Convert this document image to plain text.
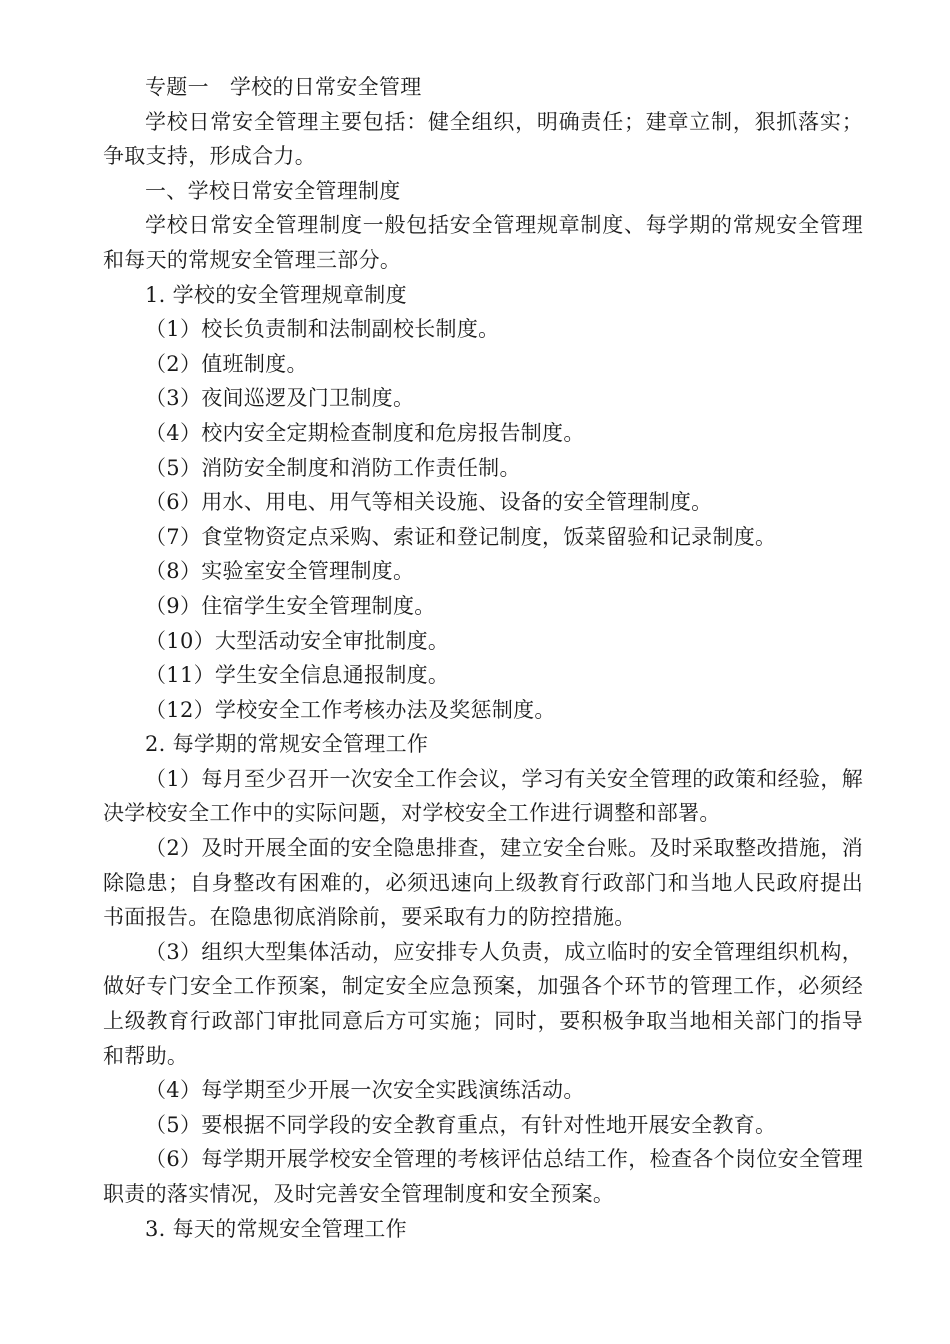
专题一   学校的日常安全管理

学校日常安全管理主要包括：健全组织，明确责任；建章立制，狠抓落实；争取支持，形成合力。

一、学校日常安全管理制度

学校日常安全管理制度一般包括安全管理规章制度、每学期的常规安全管理和每天的常规安全管理三部分。

1. 学校的安全管理规章制度

（1）校长负责制和法制副校长制度。

（2）值班制度。

（3）夜间巡逻及门卫制度。

（4）校内安全定期检查制度和危房报告制度。

（5）消防安全制度和消防工作责任制。

（6）用水、用电、用气等相关设施、设备的安全管理制度。

（7）食堂物资定点采购、索证和登记制度，饭菜留验和记录制度。

（8）实验室安全管理制度。

（9）住宿学生安全管理制度。

（10）大型活动安全审批制度。

（11）学生安全信息通报制度。

（12）学校安全工作考核办法及奖惩制度。

2. 每学期的常规安全管理工作

（1）每月至少召开一次安全工作会议，学习有关安全管理的政策和经验，解决学校安全工作中的实际问题，对学校安全工作进行调整和部署。

（2）及时开展全面的安全隐患排查，建立安全台账。及时采取整改措施，消除隐患；自身整改有困难的，必须迅速向上级教育行政部门和当地人民政府提出书面报告。在隐患彻底消除前，要采取有力的防控措施。

（3）组织大型集体活动，应安排专人负责，成立临时的安全管理组织机构，做好专门安全工作预案，制定安全应急预案，加强各个环节的管理工作，必须经上级教育行政部门审批同意后方可实施；同时，要积极争取当地相关部门的指导和帮助。

（4）每学期至少开展一次安全实践演练活动。

（5）要根据不同学段的安全教育重点，有针对性地开展安全教育。

（6）每学期开展学校安全管理的考核评估总结工作，检查各个岗位安全管理职责的落实情况，及时完善安全管理制度和安全预案。

3. 每天的常规安全管理工作
